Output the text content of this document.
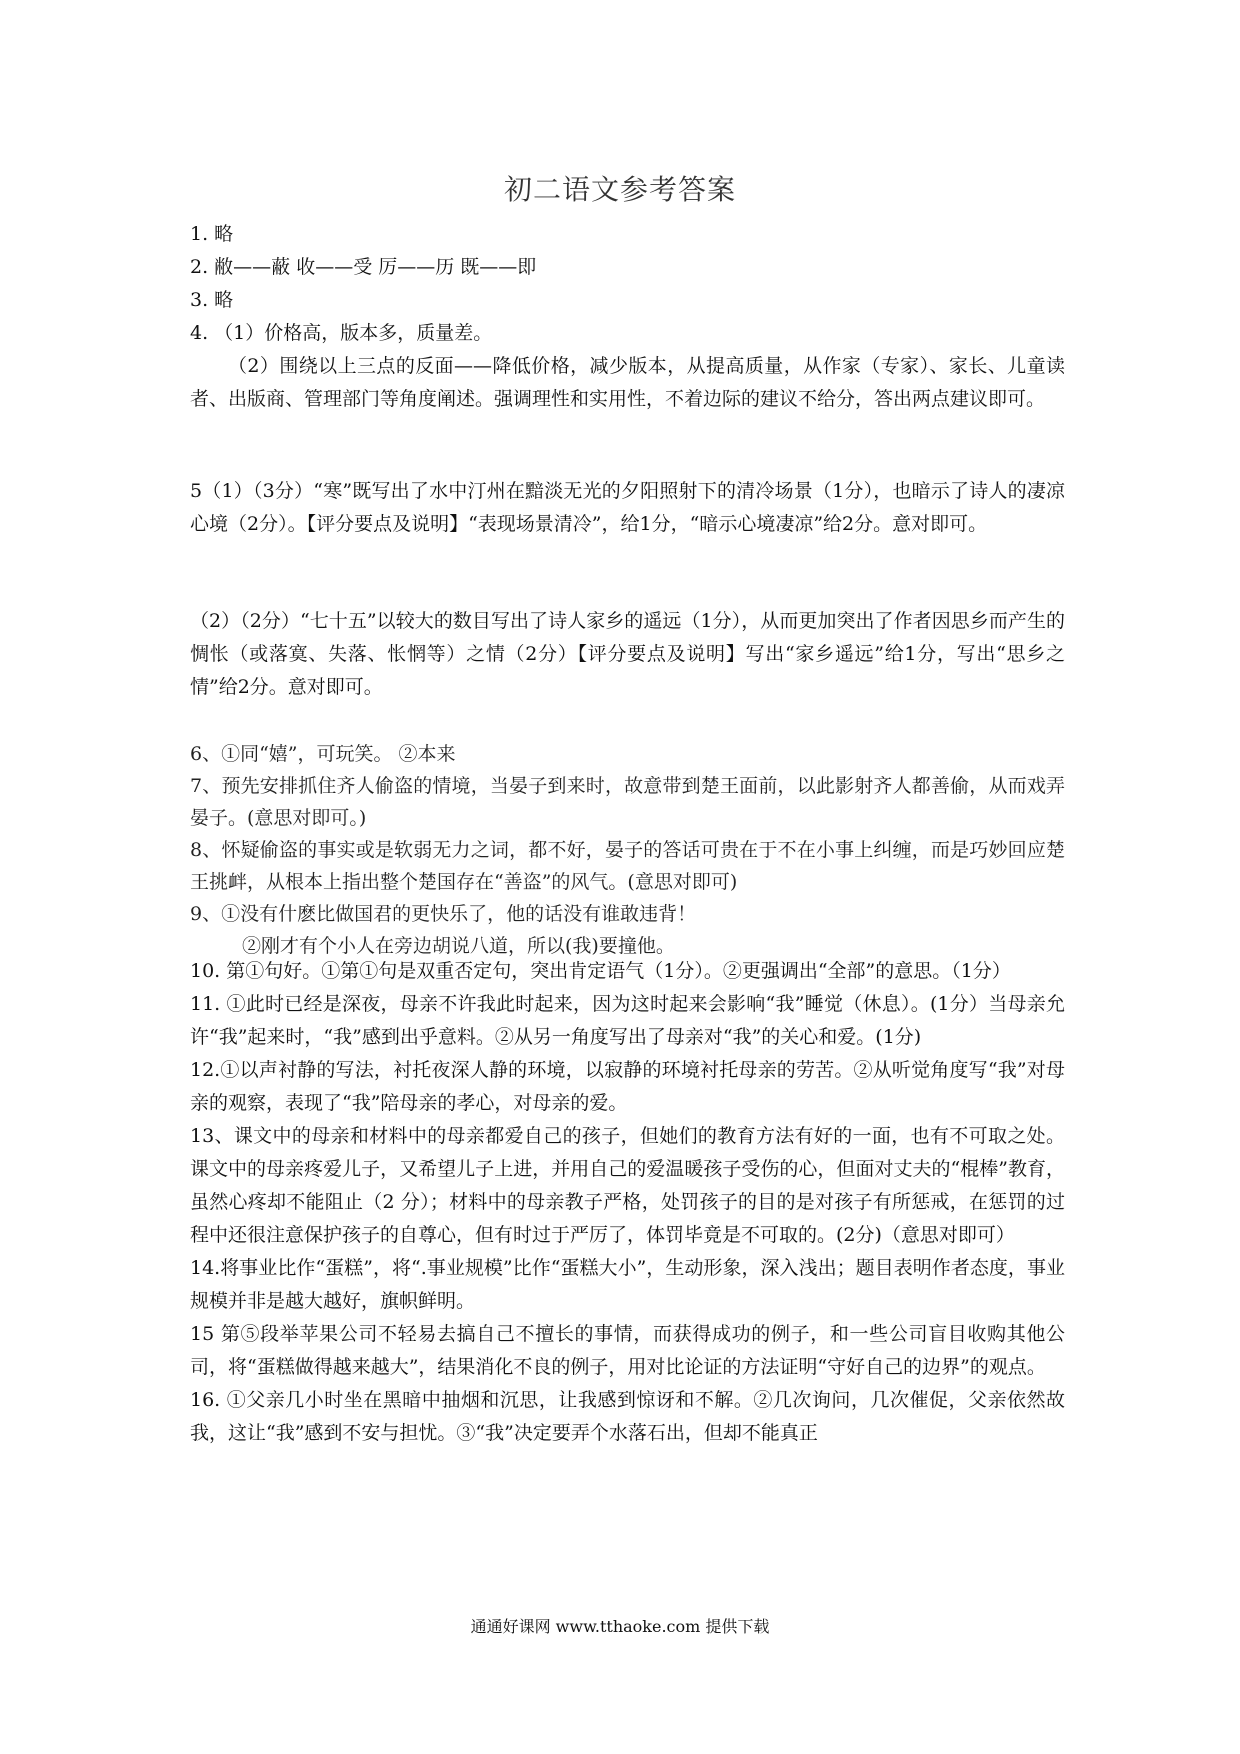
初二语文参考答案

1. 略

2. 敝——蔽 收——受 厉——历 既——即

3. 略

4. （1）价格高，版本多，质量差。

（2）围绕以上三点的反面——降低价格，减少版本，从提高质量，从作家（专家）、家长、儿童读者、出版商、管理部门等角度阐述。强调理性和实用性，不着边际的建议不给分，答出两点建议即可。

5（1）（3分）“寒”既写出了水中汀州在黯淡无光的夕阳照射下的清冷场景（1分），也暗示了诗人的凄凉心境（2分）。【评分要点及说明】“表现场景清冷”，给1分，“暗示心境凄凉”给2分。意对即可。

（2）（2分）“七十五”以较大的数目写出了诗人家乡的遥远（1分），从而更加突出了作者因思乡而产生的惆怅（或落寞、失落、怅惘等）之情（2分）【评分要点及说明】写出“家乡遥远”给1分，写出“思乡之情”给2分。意对即可。

6、①同“嬉”，可玩笑。 ②本来

7、预先安排抓住齐人偷盗的情境，当晏子到来时，故意带到楚王面前，以此影射齐人都善偷，从而戏弄晏子。(意思对即可。)

8、怀疑偷盗的事实或是软弱无力之词，都不好，晏子的答话可贵在于不在小事上纠缠，而是巧妙回应楚王挑衅，从根本上指出整个楚国存在“善盗”的风气。(意思对即可)

9、①没有什麽比做国君的更快乐了，他的话没有谁敢违背！

②刚才有个小人在旁边胡说八道，所以(我)要撞他。

10. 第①句好。①第①句是双重否定句，突出肯定语气（1分）。②更强调出“全部”的意思。（1分）

11. ①此时已经是深夜，母亲不许我此时起来，因为这时起来会影响“我”睡觉（休息）。(1分）当母亲允许“我”起来时，“我”感到出乎意料。②从另一角度写出了母亲对“我”的关心和爱。(1分)

12.①以声衬静的写法，衬托夜深人静的环境，以寂静的环境衬托母亲的劳苦。②从听觉角度写“我”对母亲的观察，表现了“我”陪母亲的孝心，对母亲的爱。

13、课文中的母亲和材料中的母亲都爱自己的孩子，但她们的教育方法有好的一面，也有不可取之处。课文中的母亲疼爱儿子，又希望儿子上进，并用自己的爱温暖孩子受伤的心，但面对丈夫的“棍棒”教育，虽然心疼却不能阻止（2 分）；材料中的母亲教子严格，处罚孩子的目的是对孩子有所惩戒，在惩罚的过程中还很注意保护孩子的自尊心，但有时过于严厉了，体罚毕竟是不可取的。(2分)（意思对即可）

14.将事业比作“蛋糕”，将“.事业规模”比作“蛋糕大小”，生动形象，深入浅出；题目表明作者态度，事业规模并非是越大越好，旗帜鲜明。

15 第⑤段举苹果公司不轻易去搞自己不擅长的事情，而获得成功的例子，和一些公司盲目收购其他公司，将“蛋糕做得越来越大”，结果消化不良的例子，用对比论证的方法证明“守好自己的边界”的观点。

16. ①父亲几小时坐在黑暗中抽烟和沉思，让我感到惊讶和不解。②几次询问，几次催促，父亲依然故我，这让“我”感到不安与担忧。③“我”决定要弄个水落石出，但却不能真正

通通好课网 www.tthaoke.com 提供下载
